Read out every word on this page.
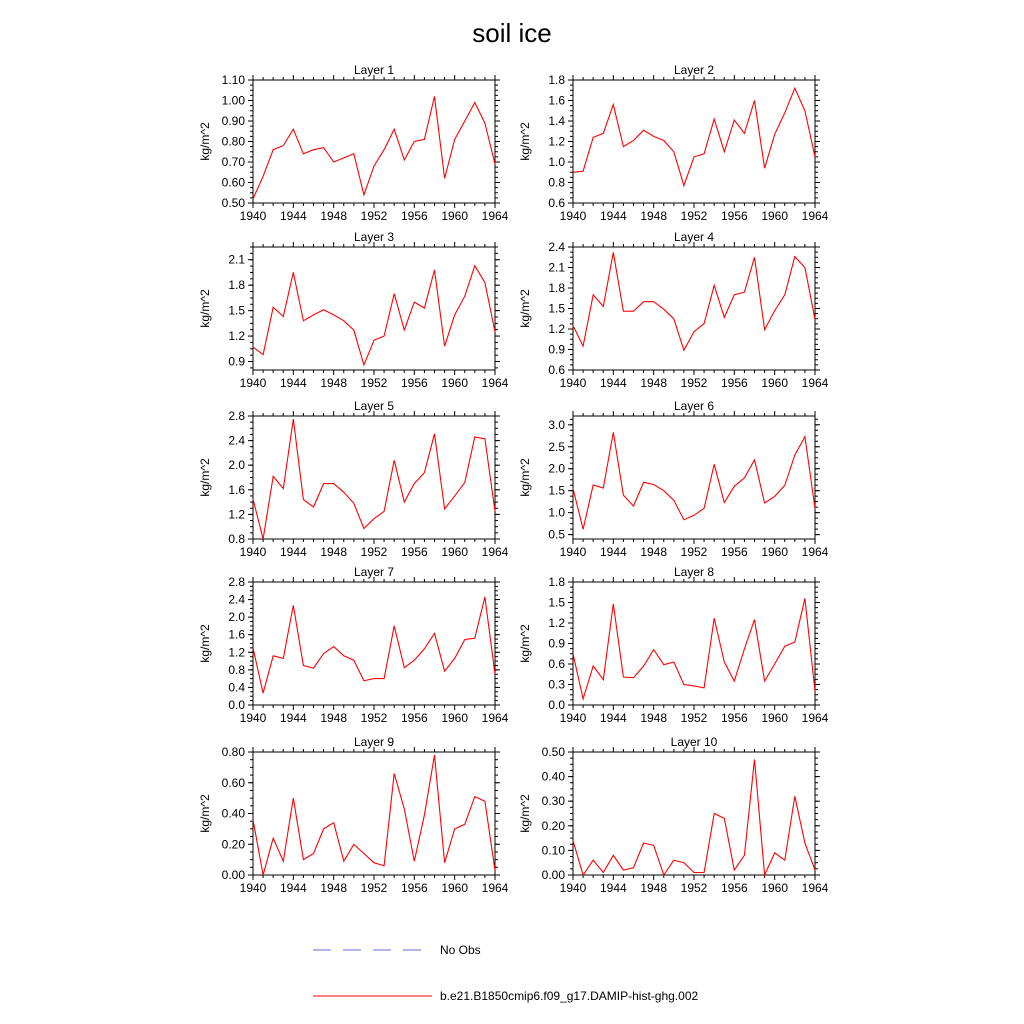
soil ice
Layer 1
1940 1944 1948 1952 1956 1960 1964
0.50
0.60
0.70
0.80
0.90
1.00
1.10
kg/m^2
Layer 2
1940 1944 1948 1952 1956 1960 1964
0.6
0.8
1.0
1.2
1.4
1.6
1.8
kg/m^2
Layer 3
1940 1944 1948 1952 1956 1960 1964
0.9
1.2
1.5
1.8
2.1
kg/m^2
Layer 4
1940 1944 1948 1952 1956 1960 1964
0.6
0.9
1.2
1.5
1.8
2.1
2.4
kg/m^2
Layer 5
1940 1944 1948 1952 1956 1960 1964
0.8
1.2
1.6
2.0
2.4
2.8
kg/m^2
Layer 6
1940 1944 1948 1952 1956 1960 1964
0.5
1.0
1.5
2.0
2.5
3.0
kg/m^2
Layer 7
1940 1944 1948 1952 1956 1960 1964
0.0
0.4
0.8
1.2
1.6
2.0
2.4
2.8
kg/m^2
Layer 8
1940 1944 1948 1952 1956 1960 1964
0.0
0.3
0.6
0.9
1.2
1.5
1.8
kg/m^2
Layer 9
1940 1944 1948 1952 1956 1960 1964
0.00
0.20
0.40
0.60
0.80
kg/m^2
Layer 10
1940 1944 1948 1952 1956 1960 1964
0.00
0.10
0.20
0.30
0.40
0.50
kg/m^2
No Obs
b.e21.B1850cmip6.f09_g17.DAMIP-hist-ghg.002
